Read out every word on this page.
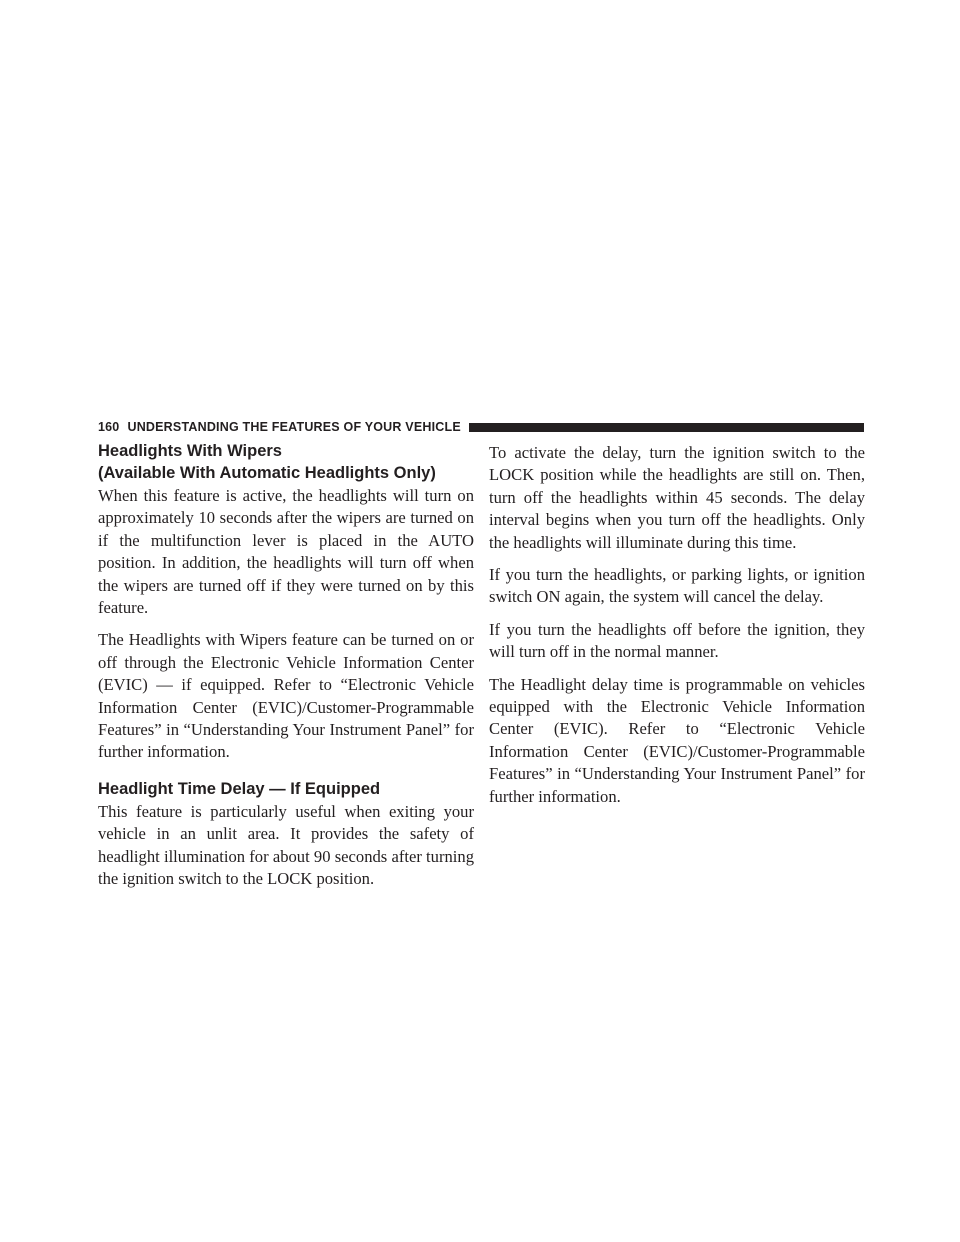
160 UNDERSTANDING THE FEATURES OF YOUR VEHICLE
Headlights With Wipers
(Available With Automatic Headlights Only)

When this feature is active, the headlights will turn on approximately 10 seconds after the wipers are turned on if the multifunction lever is placed in the AUTO position. In addition, the headlights will turn off when the wipers are turned off if they were turned on by this feature.

The Headlights with Wipers feature can be turned on or off through the Electronic Vehicle Information Center (EVIC) — if equipped. Refer to “Electronic Vehicle Information Center (EVIC)/Customer-Programmable Features” in “Understanding Your Instrument Panel” for further information.

Headlight Time Delay — If Equipped

This feature is particularly useful when exiting your vehicle in an unlit area. It provides the safety of headlight illumination for about 90 seconds after turning the ignition switch to the LOCK position.

To activate the delay, turn the ignition switch to the LOCK position while the headlights are still on. Then, turn off the headlights within 45 seconds. The delay interval begins when you turn off the headlights. Only the headlights will illuminate during this time.

If you turn the headlights, or parking lights, or ignition switch ON again, the system will cancel the delay.

If you turn the headlights off before the ignition, they will turn off in the normal manner.

The Headlight delay time is programmable on vehicles equipped with the Electronic Vehicle Information Center (EVIC). Refer to “Electronic Vehicle Information Center (EVIC)/Customer-Programmable Features” in “Understanding Your Instrument Panel” for further information.
